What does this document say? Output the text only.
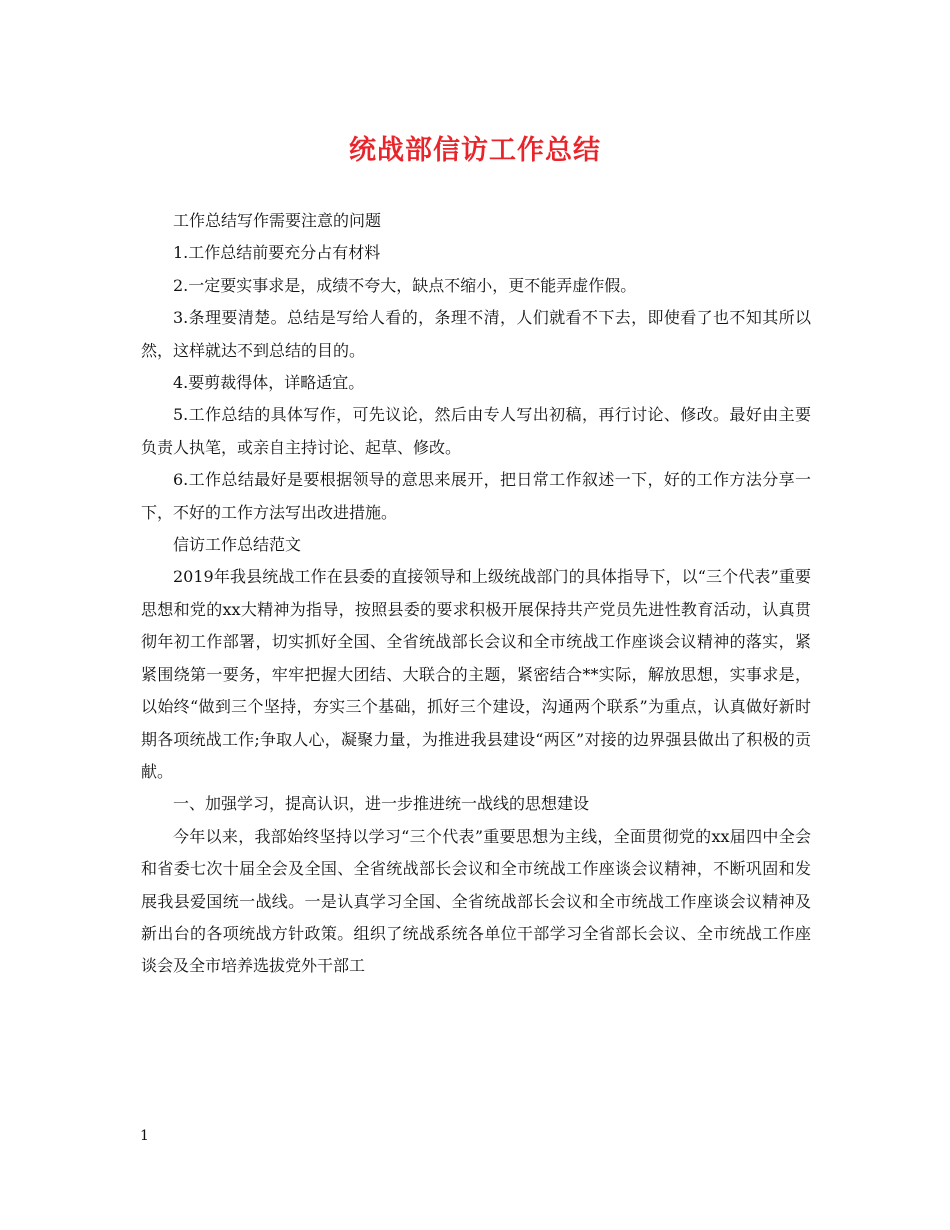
统战部信访工作总结

工作总结写作需要注意的问题

1.工作总结前要充分占有材料

2.一定要实事求是，成绩不夸大，缺点不缩小，更不能弄虚作假。

3.条理要清楚。总结是写给人看的，条理不清，人们就看不下去，即使看了也不知其所以然，这样就达不到总结的目的。

4.要剪裁得体，详略适宜。

5.工作总结的具体写作，可先议论，然后由专人写出初稿，再行讨论、修改。最好由主要负责人执笔，或亲自主持讨论、起草、修改。

6.工作总结最好是要根据领导的意思来展开，把日常工作叙述一下，好的工作方法分享一下，不好的工作方法写出改进措施。

信访工作总结范文

2019年我县统战工作在县委的直接领导和上级统战部门的具体指导下，以“三个代表”重要思想和党的xx大精神为指导，按照县委的要求积极开展保持共产党员先进性教育活动，认真贯彻年初工作部署，切实抓好全国、全省统战部长会议和全市统战工作座谈会议精神的落实，紧紧围绕第一要务，牢牢把握大团结、大联合的主题，紧密结合**实际，解放思想，实事求是，以始终“做到三个坚持，夯实三个基础，抓好三个建设，沟通两个联系”为重点，认真做好新时期各项统战工作;争取人心，凝聚力量，为推进我县建设“两区”对接的边界强县做出了积极的贡献。

一、加强学习，提高认识，进一步推进统一战线的思想建设

今年以来，我部始终坚持以学习“三个代表”重要思想为主线，全面贯彻党的xx届四中全会和省委七次十届全会及全国、全省统战部长会议和全市统战工作座谈会议精神，不断巩固和发展我县爱国统一战线。一是认真学习全国、全省统战部长会议和全市统战工作座谈会议精神及新出台的各项统战方针政策。组织了统战系统各单位干部学习全省部长会议、全市统战工作座谈会及全市培养选拔党外干部工

1
